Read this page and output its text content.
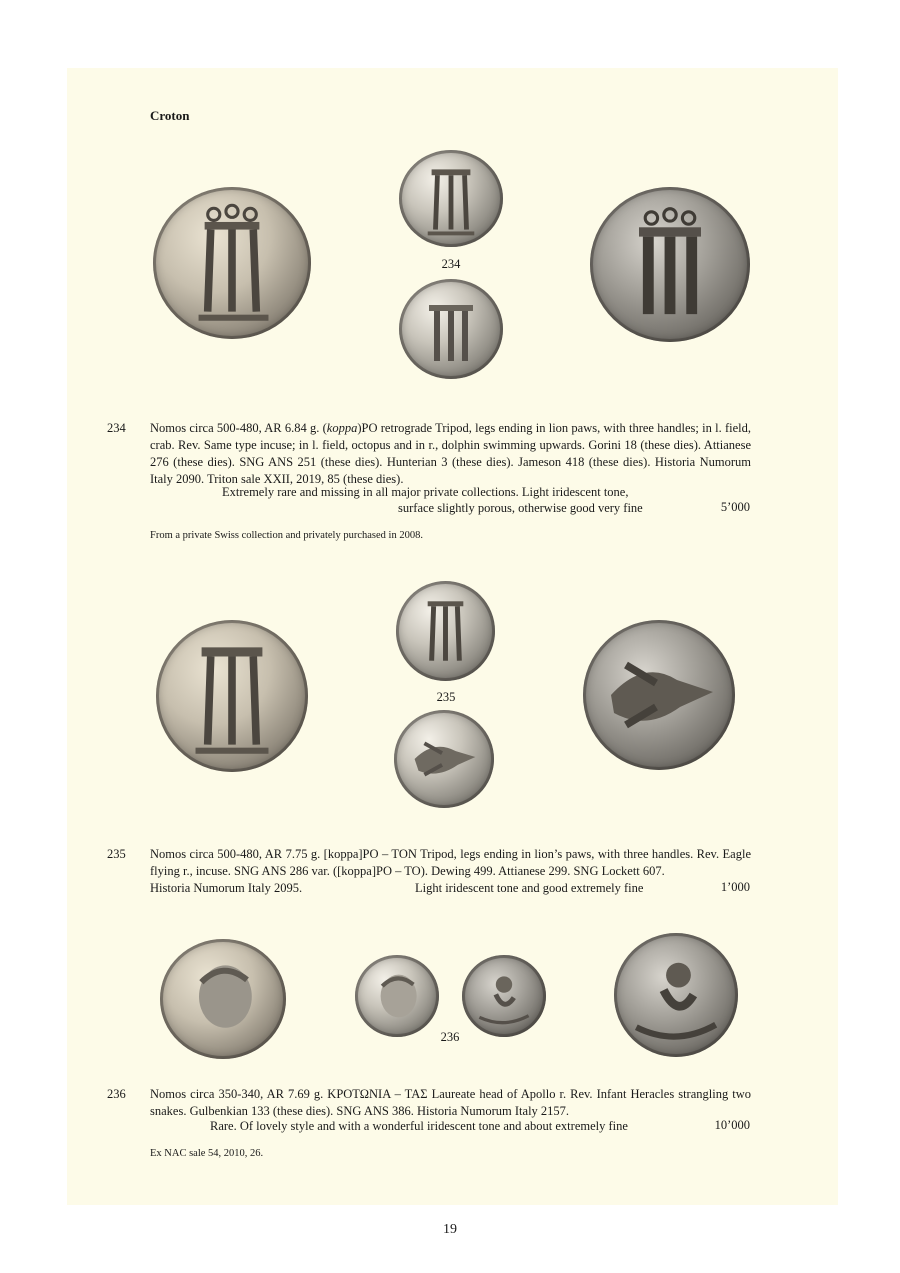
Croton
234
234 Nomos circa 500-480, AR 6.84 g. (koppa)PO retrograde Tripod, legs ending in lion paws, with three handles; in l. field, crab. Rev. Same type incuse; in l. field, octopus and in r., dolphin swimming upwards. Gorini 18 (these dies). Attianese 276 (these dies). SNG ANS 251 (these dies). Hunterian 3 (these dies). Jameson 418 (these dies). Historia Numorum Italy 2090. Triton sale XXII, 2019, 85 (these dies).
Extremely rare and missing in all major private collections. Light iridescent tone,
surface slightly porous, otherwise good very fine	5’000
From a private Swiss collection and privately purchased in 2008.
235
235 Nomos circa 500-480, AR 7.75 g. [koppa]PO – TON Tripod, legs ending in lion’s paws, with three handles. Rev. Eagle flying r., incuse. SNG ANS 286 var. ([koppa]PO – TO). Dewing 499. Attianese 299. SNG Lockett 607.
Historia Numorum Italy 2095.	Light iridescent tone and good extremely fine	1’000
236
236 Nomos circa 350-340, AR 7.69 g. ΚΡΟΤΩΝΙΑ – ΤΑΣ Laureate head of Apollo r. Rev. Infant Heracles strangling two snakes. Gulbenkian 133 (these dies). SNG ANS 386. Historia Numorum Italy 2157.
Rare. Of lovely style and with a wonderful iridescent tone and about extremely fine	10’000
Ex NAC sale 54, 2010, 26.
19
